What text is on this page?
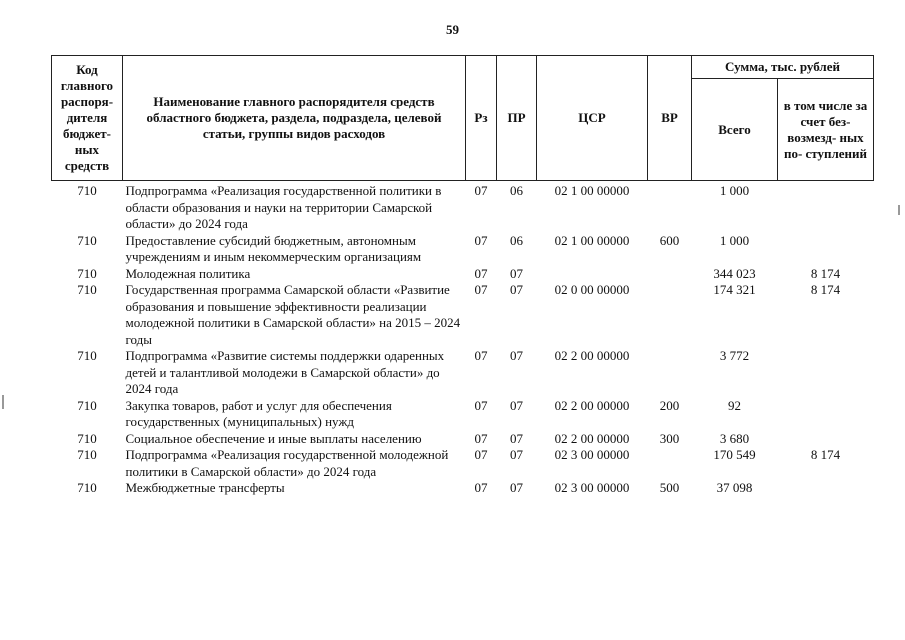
59
Код главного распоря- дителя бюджет- ных средств	Наименование главного распорядителя средств областного бюджета, раздела, подраздела, целевой статьи, группы видов расходов	Рз	ПР	ЦСР	ВР	Сумма, тыс. рублей	
						Всего	в том числе за счет без- возмезд- ных по- ступлений
710	Подпрограмма «Реализация государственной политики в области образования и науки на территории Самарской области» до 2024 года	07	06	02 1 00 00000		1 000	
710	Предоставление субсидий бюджетным, автономным учреждениям и иным некоммерческим организациям	07	06	02 1 00 00000	600	1 000	
710	Молодежная политика	07	07			344 023	8 174
710	Государственная программа Самарской области «Развитие образования и повышение эффективности реализации молодежной политики в Самарской области» на 2015 – 2024 годы	07	07	02 0 00 00000		174 321	8 174
710	Подпрограмма «Развитие системы поддержки одаренных детей и талантливой молодежи в Самарской области» до 2024 года	07	07	02 2 00 00000		3 772	
710	Закупка товаров, работ и услуг для обеспечения государственных (муниципальных) нужд	07	07	02 2 00 00000	200	92	
710	Социальное обеспечение и иные выплаты населению	07	07	02 2 00 00000	300	3 680	
710	Подпрограмма «Реализация государственной молодежной политики в Самарской области» до 2024 года	07	07	02 3 00 00000		170 549	8 174
710	Межбюджетные трансферты	07	07	02 3 00 00000	500	37 098	
